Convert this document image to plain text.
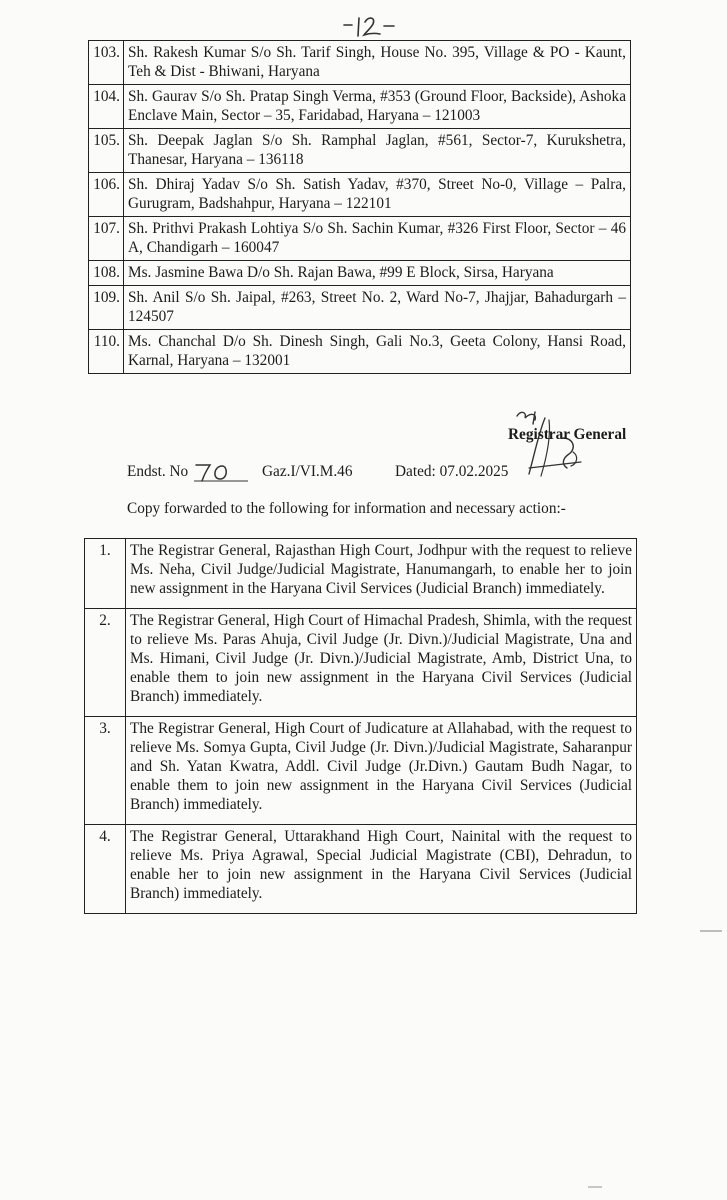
103.	Sh. Rakesh Kumar S/o Sh. Tarif Singh, House No. 395, Village & PO - Kaunt, Teh & Dist - Bhiwani, Haryana
104.	Sh. Gaurav S/o Sh. Pratap Singh Verma, #353 (Ground Floor, Backside), Ashoka Enclave Main, Sector – 35, Faridabad, Haryana – 121003
105.	Sh. Deepak Jaglan S/o Sh. Ramphal Jaglan, #561, Sector-7, Kurukshetra, Thanesar, Haryana – 136118
106.	Sh. Dhiraj Yadav S/o Sh. Satish Yadav, #370, Street No-0, Village – Palra, Gurugram, Badshahpur, Haryana – 122101
107.	Sh. Prithvi Prakash Lohtiya S/o Sh. Sachin Kumar, #326 First Floor, Sector – 46 A, Chandigarh – 160047
108.	Ms. Jasmine Bawa D/o Sh. Rajan Bawa, #99 E Block, Sirsa, Haryana
109.	Sh. Anil S/o Sh. Jaipal, #263, Street No. 2, Ward No-7, Jhajjar, Bahadurgarh – 124507
110.	Ms. Chanchal D/o Sh. Dinesh Singh, Gali No.3, Geeta Colony, Hansi Road, Karnal, Haryana – 132001
Registrar General
Endst. No	Gaz.I/VI.M.46	Dated: 07.02.2025
Copy forwarded to the following for information and necessary action:-
1.	The Registrar General, Rajasthan High Court, Jodhpur with the request to relieve Ms. Neha, Civil Judge/Judicial Magistrate, Hanumangarh, to enable her to join new assignment in the Haryana Civil Services (Judicial Branch) immediately.
2.	The Registrar General, High Court of Himachal Pradesh, Shimla, with the request to relieve Ms. Paras Ahuja, Civil Judge (Jr. Divn.)/Judicial Magistrate, Una and Ms. Himani, Civil Judge (Jr. Divn.)/Judicial Magistrate, Amb, District Una, to enable them to join new assignment in the Haryana Civil Services (Judicial Branch) immediately.
3.	The Registrar General, High Court of Judicature at Allahabad, with the request to relieve Ms. Somya Gupta, Civil Judge (Jr. Divn.)/Judicial Magistrate, Saharanpur and Sh. Yatan Kwatra, Addl. Civil Judge (Jr.Divn.) Gautam Budh Nagar, to enable them to join new assignment in the Haryana Civil Services (Judicial Branch) immediately.
4.	The Registrar General, Uttarakhand High Court, Nainital with the request to relieve Ms. Priya Agrawal, Special Judicial Magistrate (CBI), Dehradun, to enable her to join new assignment in the Haryana Civil Services (Judicial Branch) immediately.
